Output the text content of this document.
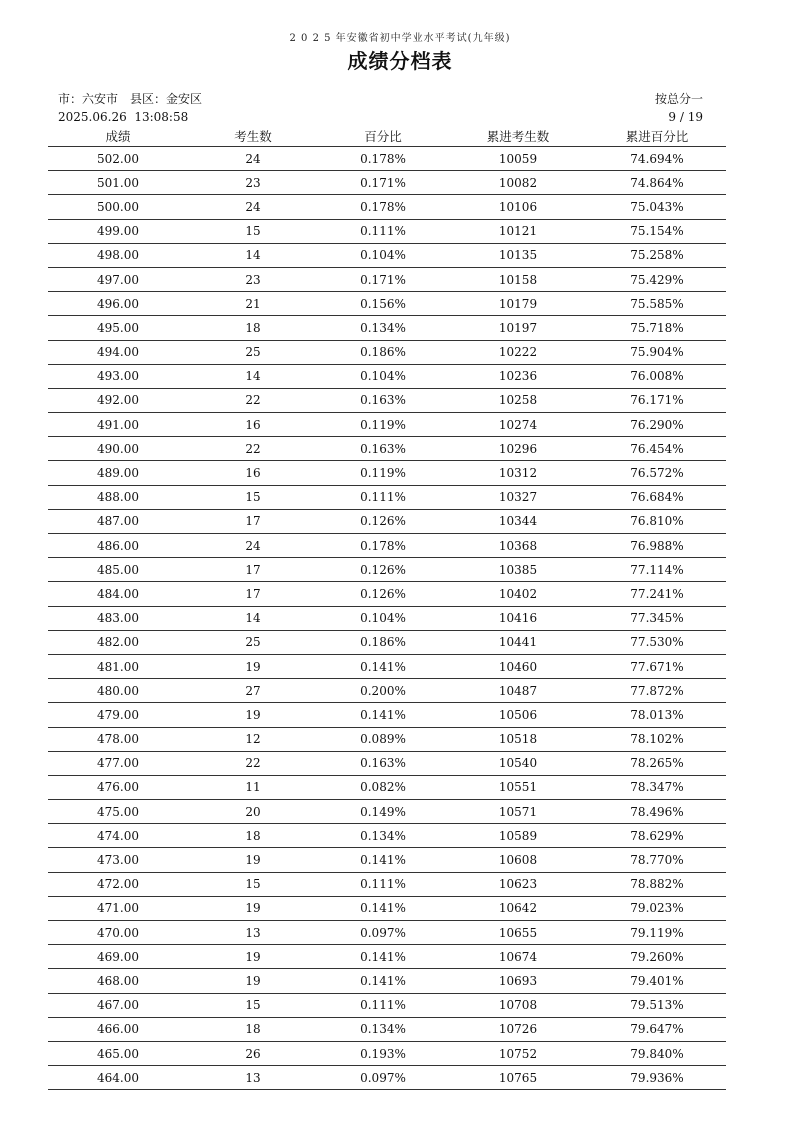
2 0 2 5 年安徽省初中学业水平考试(九年级)
成绩分档表
市：六安市 县区：金安区
2025.06.26  13:08:58
按总分一
9 / 19
成绩	考生数	百分比	累进考生数	累进百分比
502.00	24	0.178%	10059	74.694%
501.00	23	0.171%	10082	74.864%
500.00	24	0.178%	10106	75.043%
499.00	15	0.111%	10121	75.154%
498.00	14	0.104%	10135	75.258%
497.00	23	0.171%	10158	75.429%
496.00	21	0.156%	10179	75.585%
495.00	18	0.134%	10197	75.718%
494.00	25	0.186%	10222	75.904%
493.00	14	0.104%	10236	76.008%
492.00	22	0.163%	10258	76.171%
491.00	16	0.119%	10274	76.290%
490.00	22	0.163%	10296	76.454%
489.00	16	0.119%	10312	76.572%
488.00	15	0.111%	10327	76.684%
487.00	17	0.126%	10344	76.810%
486.00	24	0.178%	10368	76.988%
485.00	17	0.126%	10385	77.114%
484.00	17	0.126%	10402	77.241%
483.00	14	0.104%	10416	77.345%
482.00	25	0.186%	10441	77.530%
481.00	19	0.141%	10460	77.671%
480.00	27	0.200%	10487	77.872%
479.00	19	0.141%	10506	78.013%
478.00	12	0.089%	10518	78.102%
477.00	22	0.163%	10540	78.265%
476.00	11	0.082%	10551	78.347%
475.00	20	0.149%	10571	78.496%
474.00	18	0.134%	10589	78.629%
473.00	19	0.141%	10608	78.770%
472.00	15	0.111%	10623	78.882%
471.00	19	0.141%	10642	79.023%
470.00	13	0.097%	10655	79.119%
469.00	19	0.141%	10674	79.260%
468.00	19	0.141%	10693	79.401%
467.00	15	0.111%	10708	79.513%
466.00	18	0.134%	10726	79.647%
465.00	26	0.193%	10752	79.840%
464.00	13	0.097%	10765	79.936%
